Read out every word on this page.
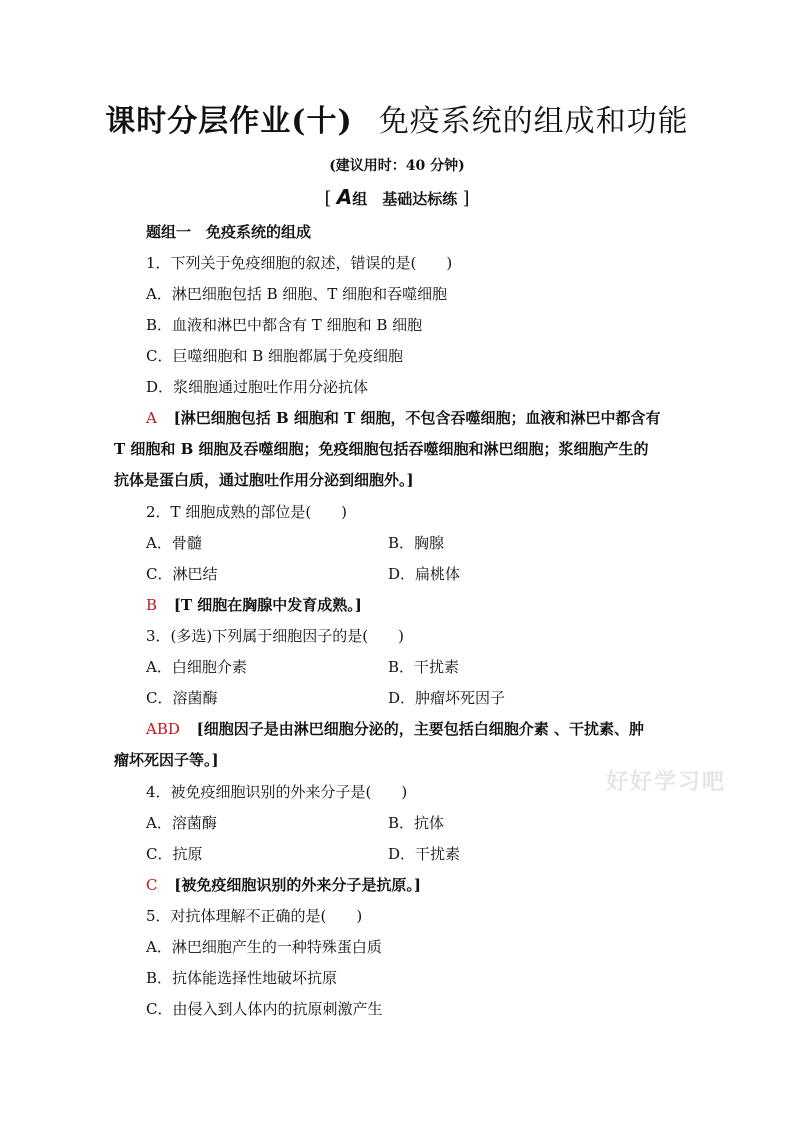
课时分层作业(十) 免疫系统的组成和功能
(建议用时：40 分钟)
[ A组　基础达标练 ]
题组一　免疫系统的组成
1．下列关于免疫细胞的叙述，错误的是(　　)
A．淋巴细胞包括 B 细胞、T 细胞和吞噬细胞
B．血液和淋巴中都含有 T 细胞和 B 细胞
C．巨噬细胞和 B 细胞都属于免疫细胞
D．浆细胞通过胞吐作用分泌抗体
A [淋巴细胞包括 B 细胞和 T 细胞，不包含吞噬细胞；血液和淋巴中都含有
T 细胞和 B 细胞及吞噬细胞；免疫细胞包括吞噬细胞和淋巴细胞；浆细胞产生的
抗体是蛋白质，通过胞吐作用分泌到细胞外。]
2．T 细胞成熟的部位是(　　)
A．骨髓	B．胸腺
C．淋巴结	D．扁桃体
B [T 细胞在胸腺中发育成熟。]
3．(多选)下列属于细胞因子的是(　　)
A．白细胞介素	B．干扰素
C．溶菌酶	D．肿瘤坏死因子
ABD [细胞因子是由淋巴细胞分泌的，主要包括白细胞介素 、干扰素、肿
瘤坏死因子等。]
好好学习吧
4．被免疫细胞识别的外来分子是(　　)
A．溶菌酶	B．抗体
C．抗原	D．干扰素
C [被免疫细胞识别的外来分子是抗原。]
5．对抗体理解不正确的是(　　)
A．淋巴细胞产生的一种特殊蛋白质
B．抗体能选择性地破坏抗原
C．由侵入到人体内的抗原刺激产生
